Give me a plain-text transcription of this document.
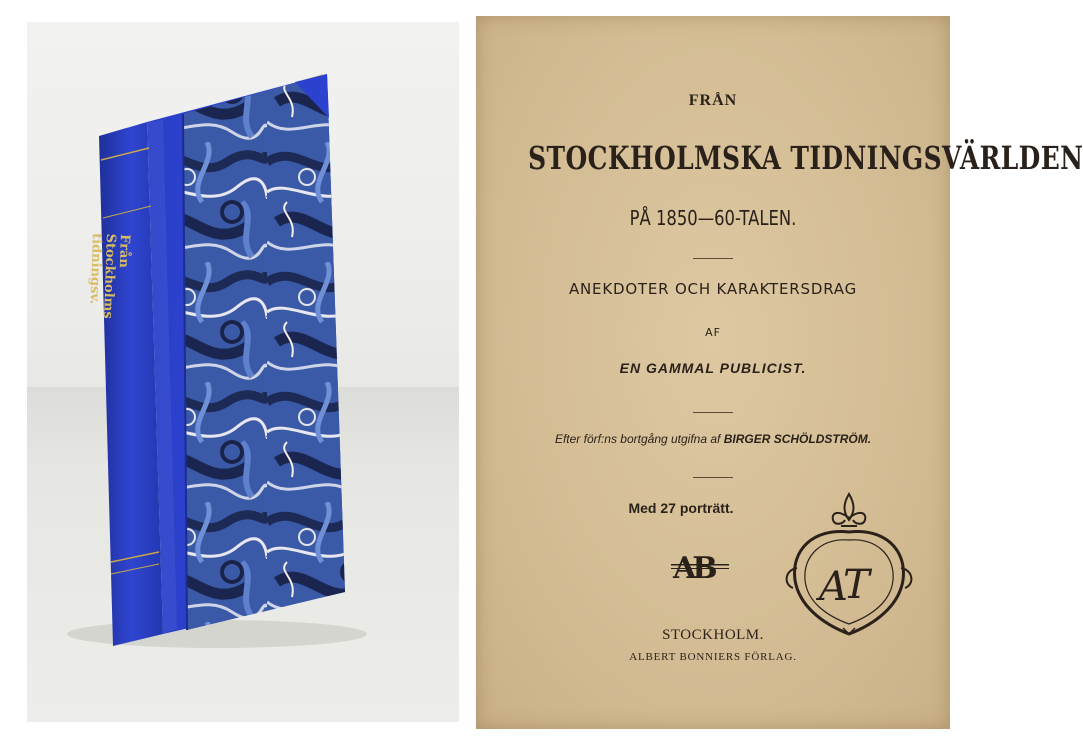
Från
Stockholms
tidningsv.
FRÅN
STOCKHOLMSKA TIDNINGSVÄRLDEN
PÅ 1850—60-TALEN.
ANEKDOTER OCH KARAKTERSDRAG
AF
EN GAMMAL PUBLICIST.
Efter förf:ns bortgång utgifna af BIRGER SCHÖLDSTRÖM.
Med 27 porträtt.
AB	A
T
STOCKHOLM.
ALBERT BONNIERS FÖRLAG.
